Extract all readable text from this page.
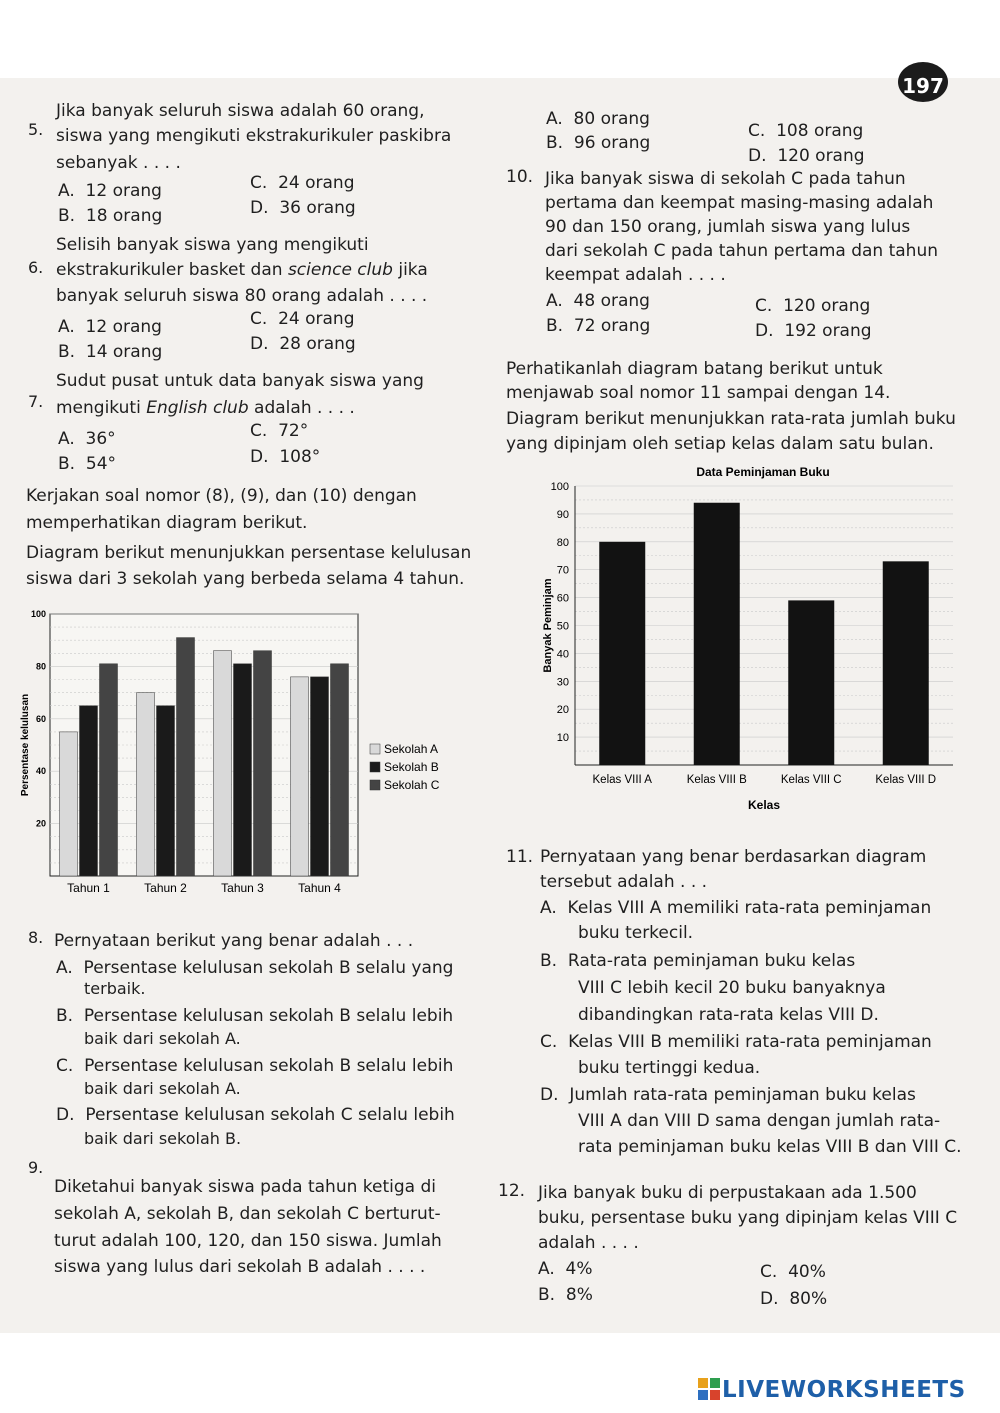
197
5.
Jika banyak seluruh siswa adalah 60 orang,
siswa yang mengikuti ekstrakurikuler paskibra
sebanyak . . . .
A.  12 orang
B.  18 orang
C.  24 orang
D.  36 orang
6.
Selisih banyak siswa yang mengikuti
ekstrakurikuler basket dan science club jika
banyak seluruh siswa 80 orang adalah . . . .
A.  12 orang
B.  14 orang
C.  24 orang
D.  28 orang
7.
Sudut pusat untuk data banyak siswa yang
mengikuti English club adalah . . . .
A.  36°
B.  54°
C.  72°
D.  108°
Kerjakan soal nomor (8), (9), dan (10) dengan
memperhatikan diagram berikut.
Diagram berikut menunjukkan persentase kelulusan
siswa dari 3 sekolah yang berbeda selama 4 tahun.
20
40
60
80
100
Persentase kelulusan
Tahun 1	Tahun 2	Tahun 3	Tahun 4
Sekolah A
Sekolah B
Sekolah C
8. Pernyataan berikut yang benar adalah . . .
A. Persentase kelulusan sekolah B selalu yang
terbaik.
B. Persentase kelulusan sekolah B selalu lebih
baik dari sekolah A.
C. Persentase kelulusan sekolah B selalu lebih
baik dari sekolah A.
D. Persentase kelulusan sekolah C selalu lebih
baik dari sekolah B.
9.
Diketahui banyak siswa pada tahun ketiga di
sekolah A, sekolah B, dan sekolah C berturut-
turut adalah 100, 120, dan 150 siswa. Jumlah
siswa yang lulus dari sekolah B adalah . . . .
A.  80 orang
B.  96 orang
C.  108 orang
D.  120 orang
10. Jika banyak siswa di sekolah C pada tahun
pertama dan keempat masing-masing adalah
90 dan 150 orang, jumlah siswa yang lulus
dari sekolah C pada tahun pertama dan tahun
keempat adalah . . . .
A.  48 orang
B.  72 orang
C.  120 orang
D.  192 orang
Perhatikanlah diagram batang berikut untuk
menjawab soal nomor 11 sampai dengan 14.
Diagram berikut menunjukkan rata-rata jumlah buku
yang dipinjam oleh setiap kelas dalam satu bulan.
Data Peminjaman Buku
10
20
30
40
50
60
70
80
90
100
Banyak Peminjam
Kelas VIII A	Kelas VIII B	Kelas VIII C	Kelas VIII D
Kelas
11. Pernyataan yang benar berdasarkan diagram
tersebut adalah . . .
A. Kelas VIII A memiliki rata-rata peminjaman
buku terkecil.
B. Rata-rata peminjaman buku kelas
VIII C lebih kecil 20 buku banyaknya
dibandingkan rata-rata kelas VIII D.
C. Kelas VIII B memiliki rata-rata peminjaman
buku tertinggi kedua.
D. Jumlah rata-rata peminjaman buku kelas
VIII A dan VIII D sama dengan jumlah rata-
rata peminjaman buku kelas VIII B dan VIII C.
12. Jika banyak buku di perpustakaan ada 1.500
buku, persentase buku yang dipinjam kelas VIII C
adalah . . . .
A.  4%
B.  8%
C.  40%
D.  80%
LIVEWORKSHEETS
